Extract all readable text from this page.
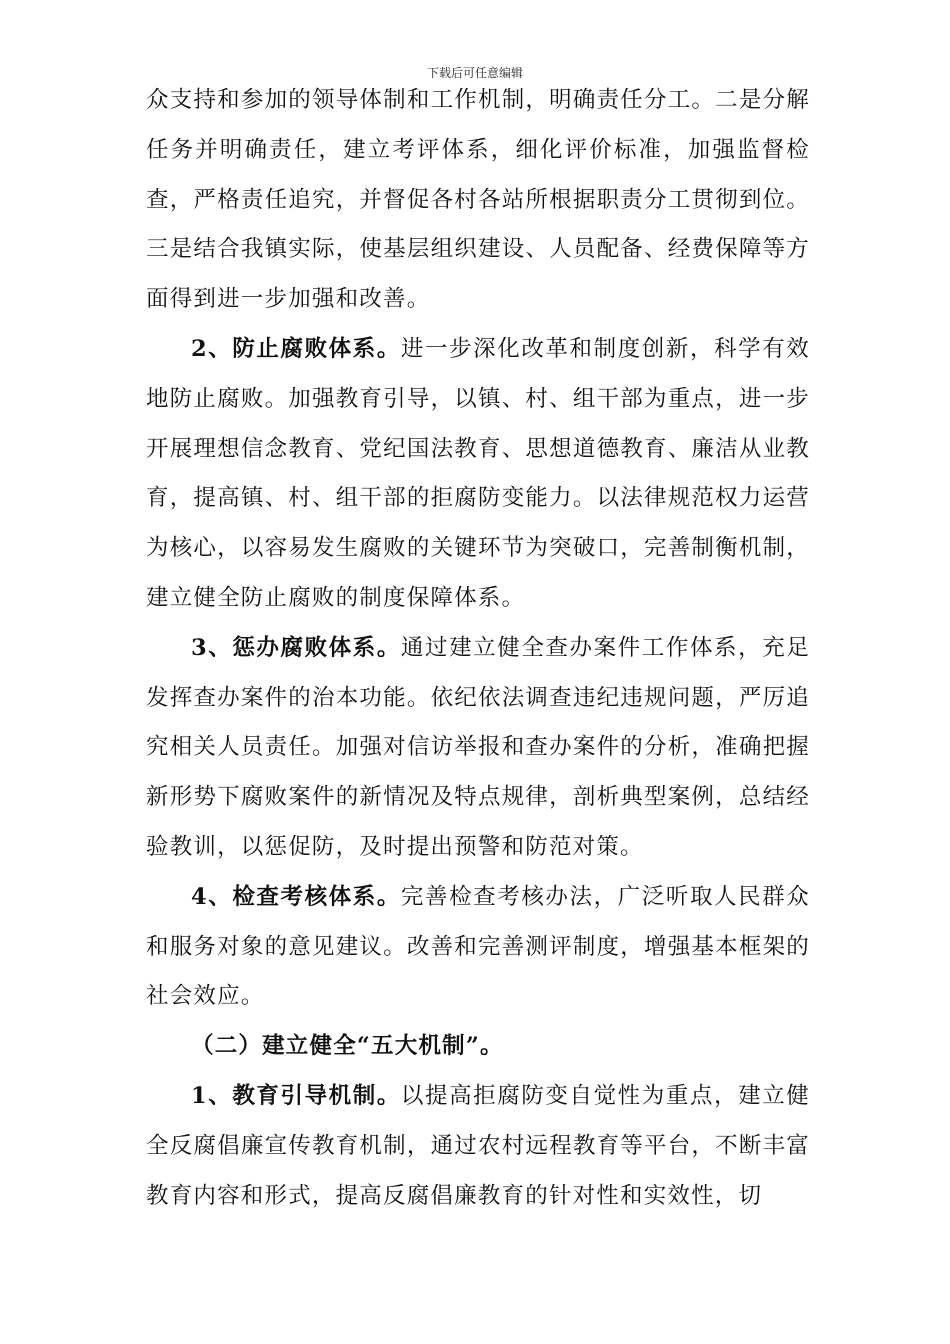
下载后可任意编辑

众支持和参加的领导体制和工作机制，明确责任分工。二是分解任务并明确责任，建立考评体系，细化评价标准，加强监督检查，严格责任追究，并督促各村各站所根据职责分工贯彻到位。三是结合我镇实际，使基层组织建设、人员配备、经费保障等方面得到进一步加强和改善。

2、防止腐败体系。进一步深化改革和制度创新，科学有效地防止腐败。加强教育引导，以镇、村、组干部为重点，进一步开展理想信念教育、党纪国法教育、思想道德教育、廉洁从业教育，提高镇、村、组干部的拒腐防变能力。以法律规范权力运营为核心，以容易发生腐败的关键环节为突破口，完善制衡机制，建立健全防止腐败的制度保障体系。

3、惩办腐败体系。通过建立健全查办案件工作体系，充足发挥查办案件的治本功能。依纪依法调查违纪违规问题，严厉追究相关人员责任。加强对信访举报和查办案件的分析，准确把握新形势下腐败案件的新情况及特点规律，剖析典型案例，总结经验教训，以惩促防，及时提出预警和防范对策。

4、检查考核体系。完善检查考核办法，广泛听取人民群众和服务对象的意见建议。改善和完善测评制度，增强基本框架的社会效应。

（二）建立健全“五大机制”。

1、教育引导机制。以提高拒腐防变自觉性为重点，建立健全反腐倡廉宣传教育机制，通过农村远程教育等平台，不断丰富教育内容和形式，提高反腐倡廉教育的针对性和实效性，切
